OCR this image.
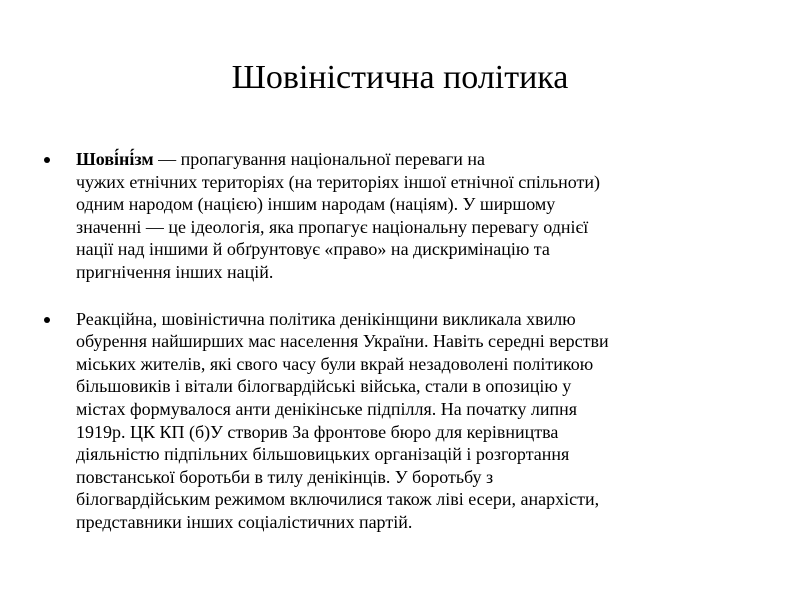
Шовіністична політика
Шові́ні́зм — пропагування національної переваги на
чужих етнічних територіях (на територіях іншої етнічної спільноти)
одним народом (нацією) іншим народам (націям). У ширшому
значенні — це ідеологія, яка пропагує національну перевагу однієї
нації над іншими й обґрунтовує «право» на дискримінацію та
пригнічення інших націй.
Реакційна, шовіністична політика денікінщини викликала хвилю
обурення найширших мас населення України. Навіть середні верстви
міських жителів, які свого часу були вкрай незадоволені політикою
більшовиків і вітали білогвардійські війська, стали в опозицію у
містах формувалося анти денікінське підпілля. На початку липня
1919р. ЦК КП (б)У створив За фронтове бюро для керівництва
діяльністю підпільних більшовицьких організацій і розгортання
повстанської боротьби в тилу денікінців. У боротьбу з
білогвардійським режимом включилися також ліві есери, анархісти,
представники інших соціалістичних партій.
